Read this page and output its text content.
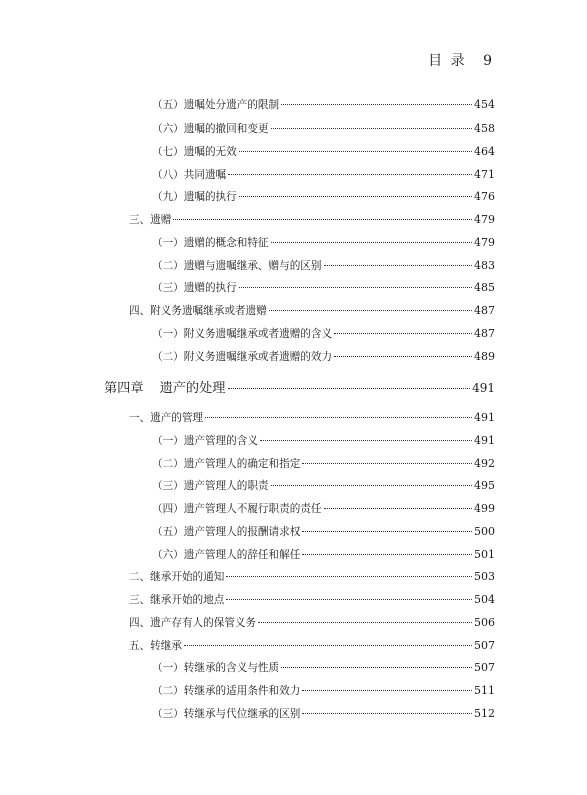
目 录 9
（五）遗嘱处分遗产的限制	454
（六）遗嘱的撤回和变更	458
（七）遗嘱的无效	464
（八）共同遗嘱	471
（九）遗嘱的执行	476
三、遗赠	479
（一）遗赠的概念和特征	479
（二）遗赠与遗嘱继承、赠与的区别	483
（三）遗赠的执行	485
四、附义务遗嘱继承或者遗赠	487
（一）附义务遗嘱继承或者遗赠的含义	487
（二）附义务遗嘱继承或者遗赠的效力	489
第四章 遗产的处理	491
一、遗产的管理	491
（一）遗产管理的含义	491
（二）遗产管理人的确定和指定	492
（三）遗产管理人的职责	495
（四）遗产管理人不履行职责的责任	499
（五）遗产管理人的报酬请求权	500
（六）遗产管理人的辞任和解任	501
二、继承开始的通知	503
三、继承开始的地点	504
四、遗产存有人的保管义务	506
五、转继承	507
（一）转继承的含义与性质	507
（二）转继承的适用条件和效力	511
（三）转继承与代位继承的区别	512
